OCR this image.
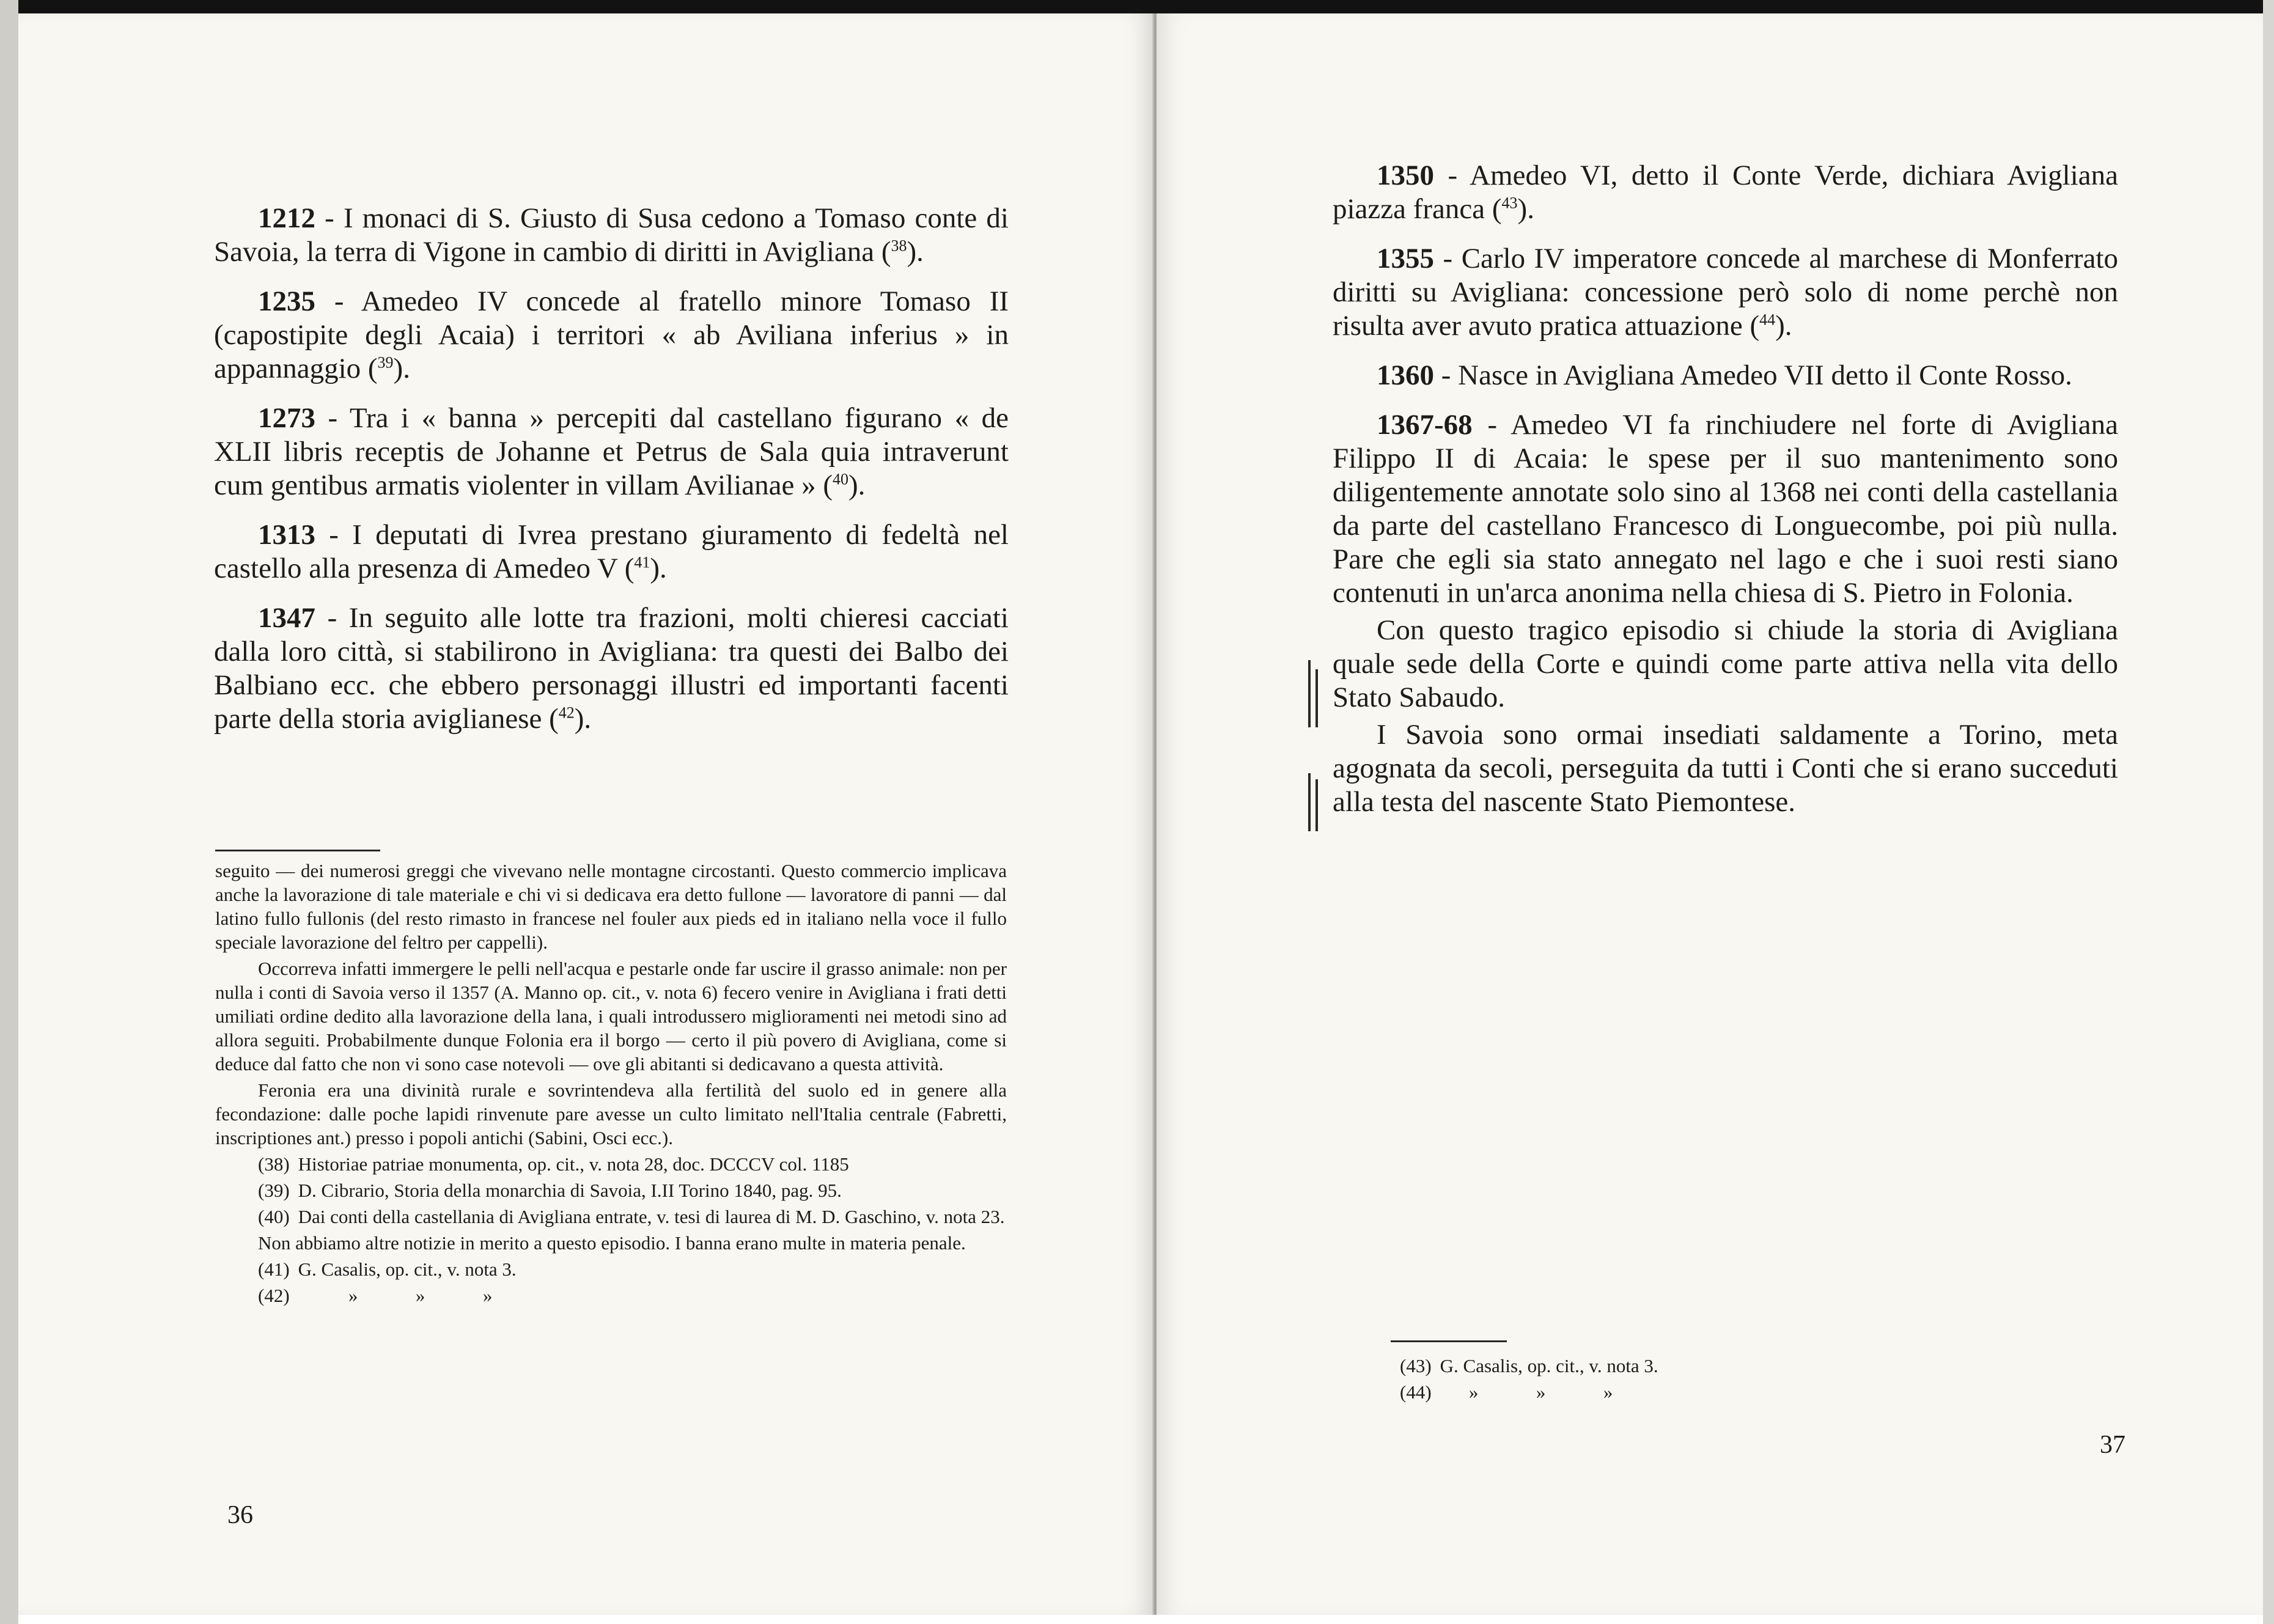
1212 - I monaci di S. Giusto di Susa cedono a Tomaso conte di Savoia, la terra di Vigone in cambio di diritti in Avigliana ($^{38}$).

1235 - Amedeo IV concede al fratello minore Tomaso II (capostipite degli Acaia) i territori « ab Aviliana inferius » in appannaggio ($^{39}$).

1273 - Tra i « banna » percepiti dal castellano figurano « de XLII libris receptis de Johanne et Petrus de Sala quia intraverunt cum gentibus armatis violenter in villam Avilianae » ($^{40}$).

1313 - I deputati di Ivrea prestano giuramento di fedeltà nel castello alla presenza di Amedeo V ($^{41}$).

1347 - In seguito alle lotte tra frazioni, molti chieresi cacciati dalla loro città, si stabilirono in Avigliana: tra questi dei Balbo dei Balbiano ecc. che ebbero personaggi illustri ed importanti facenti parte della storia aviglianese ($^{42}$).

seguito — dei numerosi greggi che vivevano nelle montagne circostanti. Questo commercio implicava anche la lavorazione di tale materiale e chi vi si dedicava era detto fullone — lavoratore di panni — dal latino fullo fullonis (del resto rimasto in francese nel fouler aux pieds ed in italiano nella voce il fullo speciale lavorazione del feltro per cappelli).

Occorreva infatti immergere le pelli nell'acqua e pestarle onde far uscire il grasso animale: non per nulla i conti di Savoia verso il 1357 (A. Manno op. cit., v. nota 6) fecero venire in Avigliana i frati detti umiliati ordine dedito alla lavorazione della lana, i quali introdussero miglioramenti nei metodi sino ad allora seguiti. Probabilmente dunque Folonia era il borgo — certo il più povero di Avigliana, come si deduce dal fatto che non vi sono case notevoli — ove gli abitanti si dedicavano a questa attività.

Feronia era una divinità rurale e sovrintendeva alla fertilità del suolo ed in genere alla fecondazione: dalle poche lapidi rinvenute pare avesse un culto limitato nell'Italia centrale (Fabretti, inscriptiones ant.) presso i popoli antichi (Sabini, Osci ecc.).

(38) Historiae patriae monumenta, op. cit., v. nota 28, doc. DCCCV col. 1185

(39) D. Cibrario, Storia della monarchia di Savoia, I.II Torino 1840, pag. 95.

(40) Dai conti della castellania di Avigliana entrate, v. tesi di laurea di M. D. Gaschino, v. nota 23.

Non abbiamo altre notizie in merito a questo episodio. I banna erano multe in materia penale.

(41) G. Casalis, op. cit., v. nota 3.

(42)	»	»	»

36

1350 - Amedeo VI, detto il Conte Verde, dichiara Avigliana piazza franca ($^{43}$).

1355 - Carlo IV imperatore concede al marchese di Monferrato diritti su Avigliana: concessione però solo di nome perchè non risulta aver avuto pratica attuazione ($^{44}$).

1360 - Nasce in Avigliana Amedeo VII detto il Conte Rosso.

1367-68 - Amedeo VI fa rinchiudere nel forte di Avigliana Filippo II di Acaia: le spese per il suo mantenimento sono diligentemente annotate solo sino al 1368 nei conti della castellania da parte del castellano Francesco di Longuecombe, poi più nulla. Pare che egli sia stato annegato nel lago e che i suoi resti siano contenuti in un'arca anonima nella chiesa di S. Pietro in Folonia.

Con questo tragico episodio si chiude la storia di Avigliana quale sede della Corte e quindi come parte attiva nella vita dello Stato Sabaudo.

I Savoia sono ormai insediati saldamente a Torino, meta agognata da secoli, perseguita da tutti i Conti che si erano succeduti alla testa del nascente Stato Piemontese.

(43) G. Casalis, op. cit., v. nota 3.

(44) »	»	»

37
